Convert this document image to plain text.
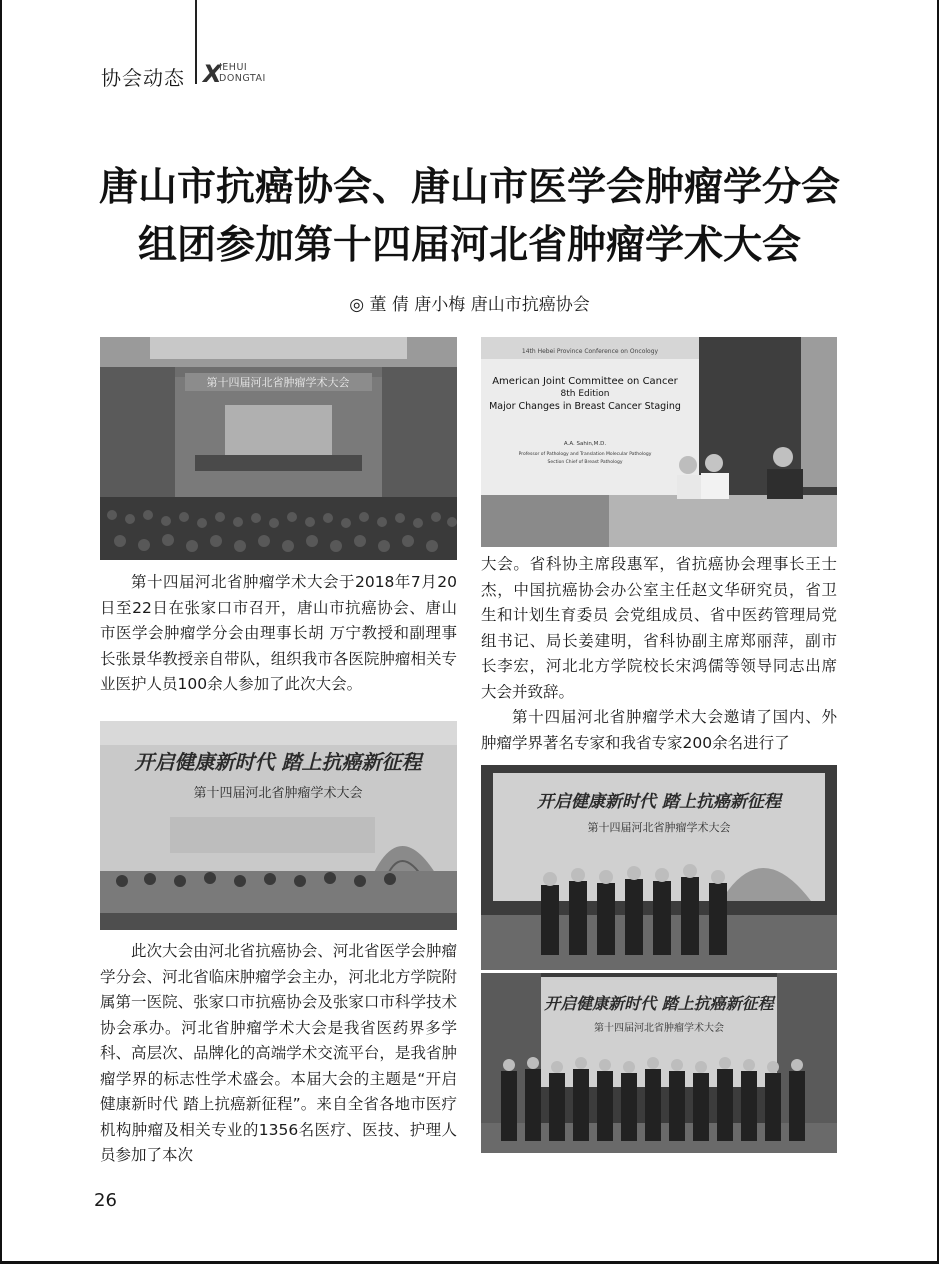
协会动态 X
IEHUI
DONGTAI
唐山市抗癌协会、唐山市医学会肿瘤学分会
组团参加第十四届河北省肿瘤学术大会
◎ 董 倩 唐小梅 唐山市抗癌协会
第十四届河北省肿瘤学术大会
14th Hebei Province Conference on Oncology
American Joint Committee on Cancer
8th Edition
Major Changes in Breast Cancer Staging
A.A. Sahin,M.D.
Professor of Pathology and Translation Molecular Pathology
Section Chief of Breast Pathology
开启健康新时代 踏上抗癌新征程
第十四届河北省肿瘤学术大会	开启健康新时代 踏上抗癌新征程
第十四届河北省肿瘤学术大会
开启健康新时代 踏上抗癌新征程
第十四届河北省肿瘤学术大会

第十四届河北省肿瘤学术大会于2018年7月20日至22日在张家口市召开，唐山市抗癌协会、唐山市医学会肿瘤学分会由理事长胡 万宁教授和副理事长张景华教授亲自带队，组织我市各医院肿瘤相关专业医护人员100余人参加了此次大会。

此次大会由河北省抗癌协会、河北省医学会肿瘤学分会、河北省临床肿瘤学会主办，河北北方学院附属第一医院、张家口市抗癌协会及张家口市科学技术协会承办。河北省肿瘤学术大会是我省医药界多学科、高层次、品牌化的高端学术交流平台，是我省肿瘤学界的标志性学术盛会。本届大会的主题是“开启健康新时代 踏上抗癌新征程”。来自全省各地市医疗机构肿瘤及相关专业的1356名医疗、医技、护理人员参加了本次

大会。省科协主席段惠军，省抗癌协会理事长王士杰，中国抗癌协会办公室主任赵文华研究员，省卫生和计划生育委员 会党组成员、省中医药管理局党组书记、局长姜建明，省科协副主席郑丽萍，副市长李宏，河北北方学院校长宋鸿儒等领导同志出席大会并致辞。

第十四届河北省肿瘤学术大会邀请了国内、外肿瘤学界著名专家和我省专家200余名进行了

26
